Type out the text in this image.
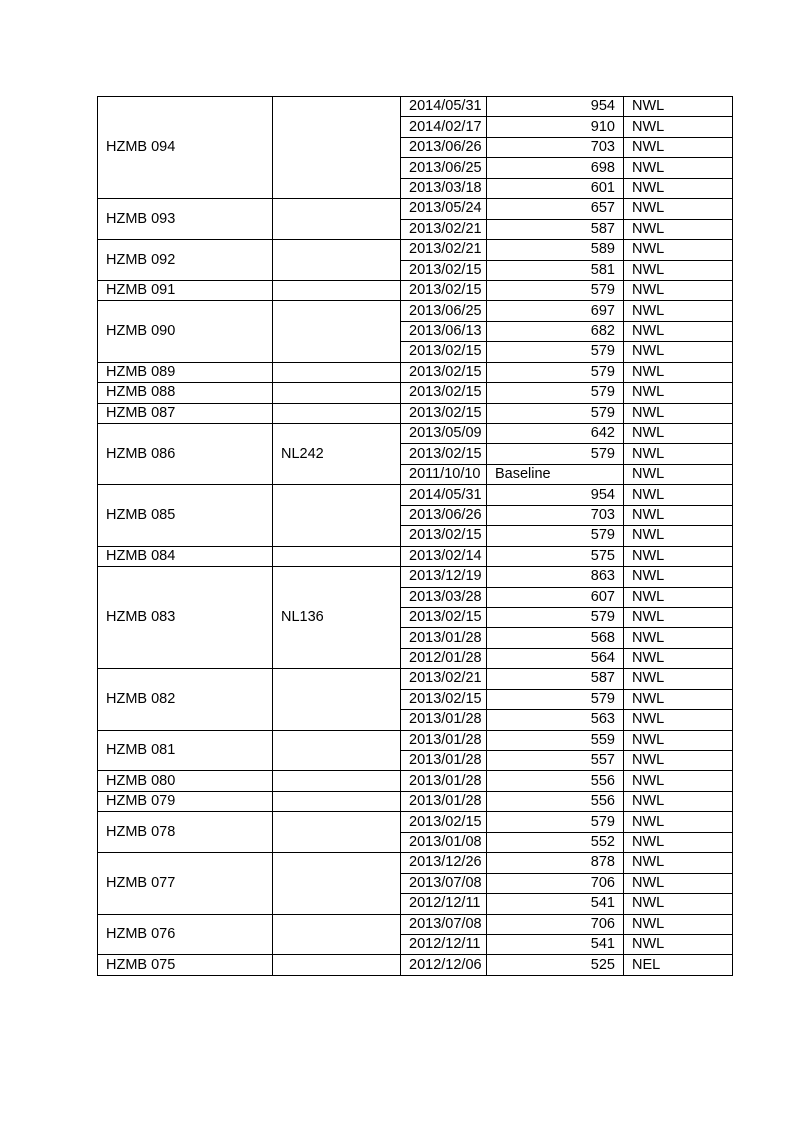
HZMB 094		2014/05/31	954	NWL
		2014/02/17	910	NWL
		2013/06/26	703	NWL
		2013/06/25	698	NWL
		2013/03/18	601	NWL
HZMB 093		2013/05/24	657	NWL
		2013/02/21	587	NWL
HZMB 092		2013/02/21	589	NWL
		2013/02/15	581	NWL
HZMB 091		2013/02/15	579	NWL
HZMB 090		2013/06/25	697	NWL
		2013/06/13	682	NWL
		2013/02/15	579	NWL
HZMB 089		2013/02/15	579	NWL
HZMB 088		2013/02/15	579	NWL
HZMB 087		2013/02/15	579	NWL
HZMB 086	NL242	2013/05/09	642	NWL
		2013/02/15	579	NWL
		2011/10/10	Baseline	NWL
HZMB 085		2014/05/31	954	NWL
		2013/06/26	703	NWL
		2013/02/15	579	NWL
HZMB 084		2013/02/14	575	NWL
HZMB 083	NL136	2013/12/19	863	NWL
		2013/03/28	607	NWL
		2013/02/15	579	NWL
		2013/01/28	568	NWL
		2012/01/28	564	NWL
HZMB 082		2013/02/21	587	NWL
		2013/02/15	579	NWL
		2013/01/28	563	NWL
HZMB 081		2013/01/28	559	NWL
		2013/01/28	557	NWL
HZMB 080		2013/01/28	556	NWL
HZMB 079		2013/01/28	556	NWL
HZMB 078		2013/02/15	579	NWL
		2013/01/08	552	NWL
HZMB 077		2013/12/26	878	NWL
		2013/07/08	706	NWL
		2012/12/11	541	NWL
HZMB 076		2013/07/08	706	NWL
		2012/12/11	541	NWL
HZMB 075		2012/12/06	525	NEL
